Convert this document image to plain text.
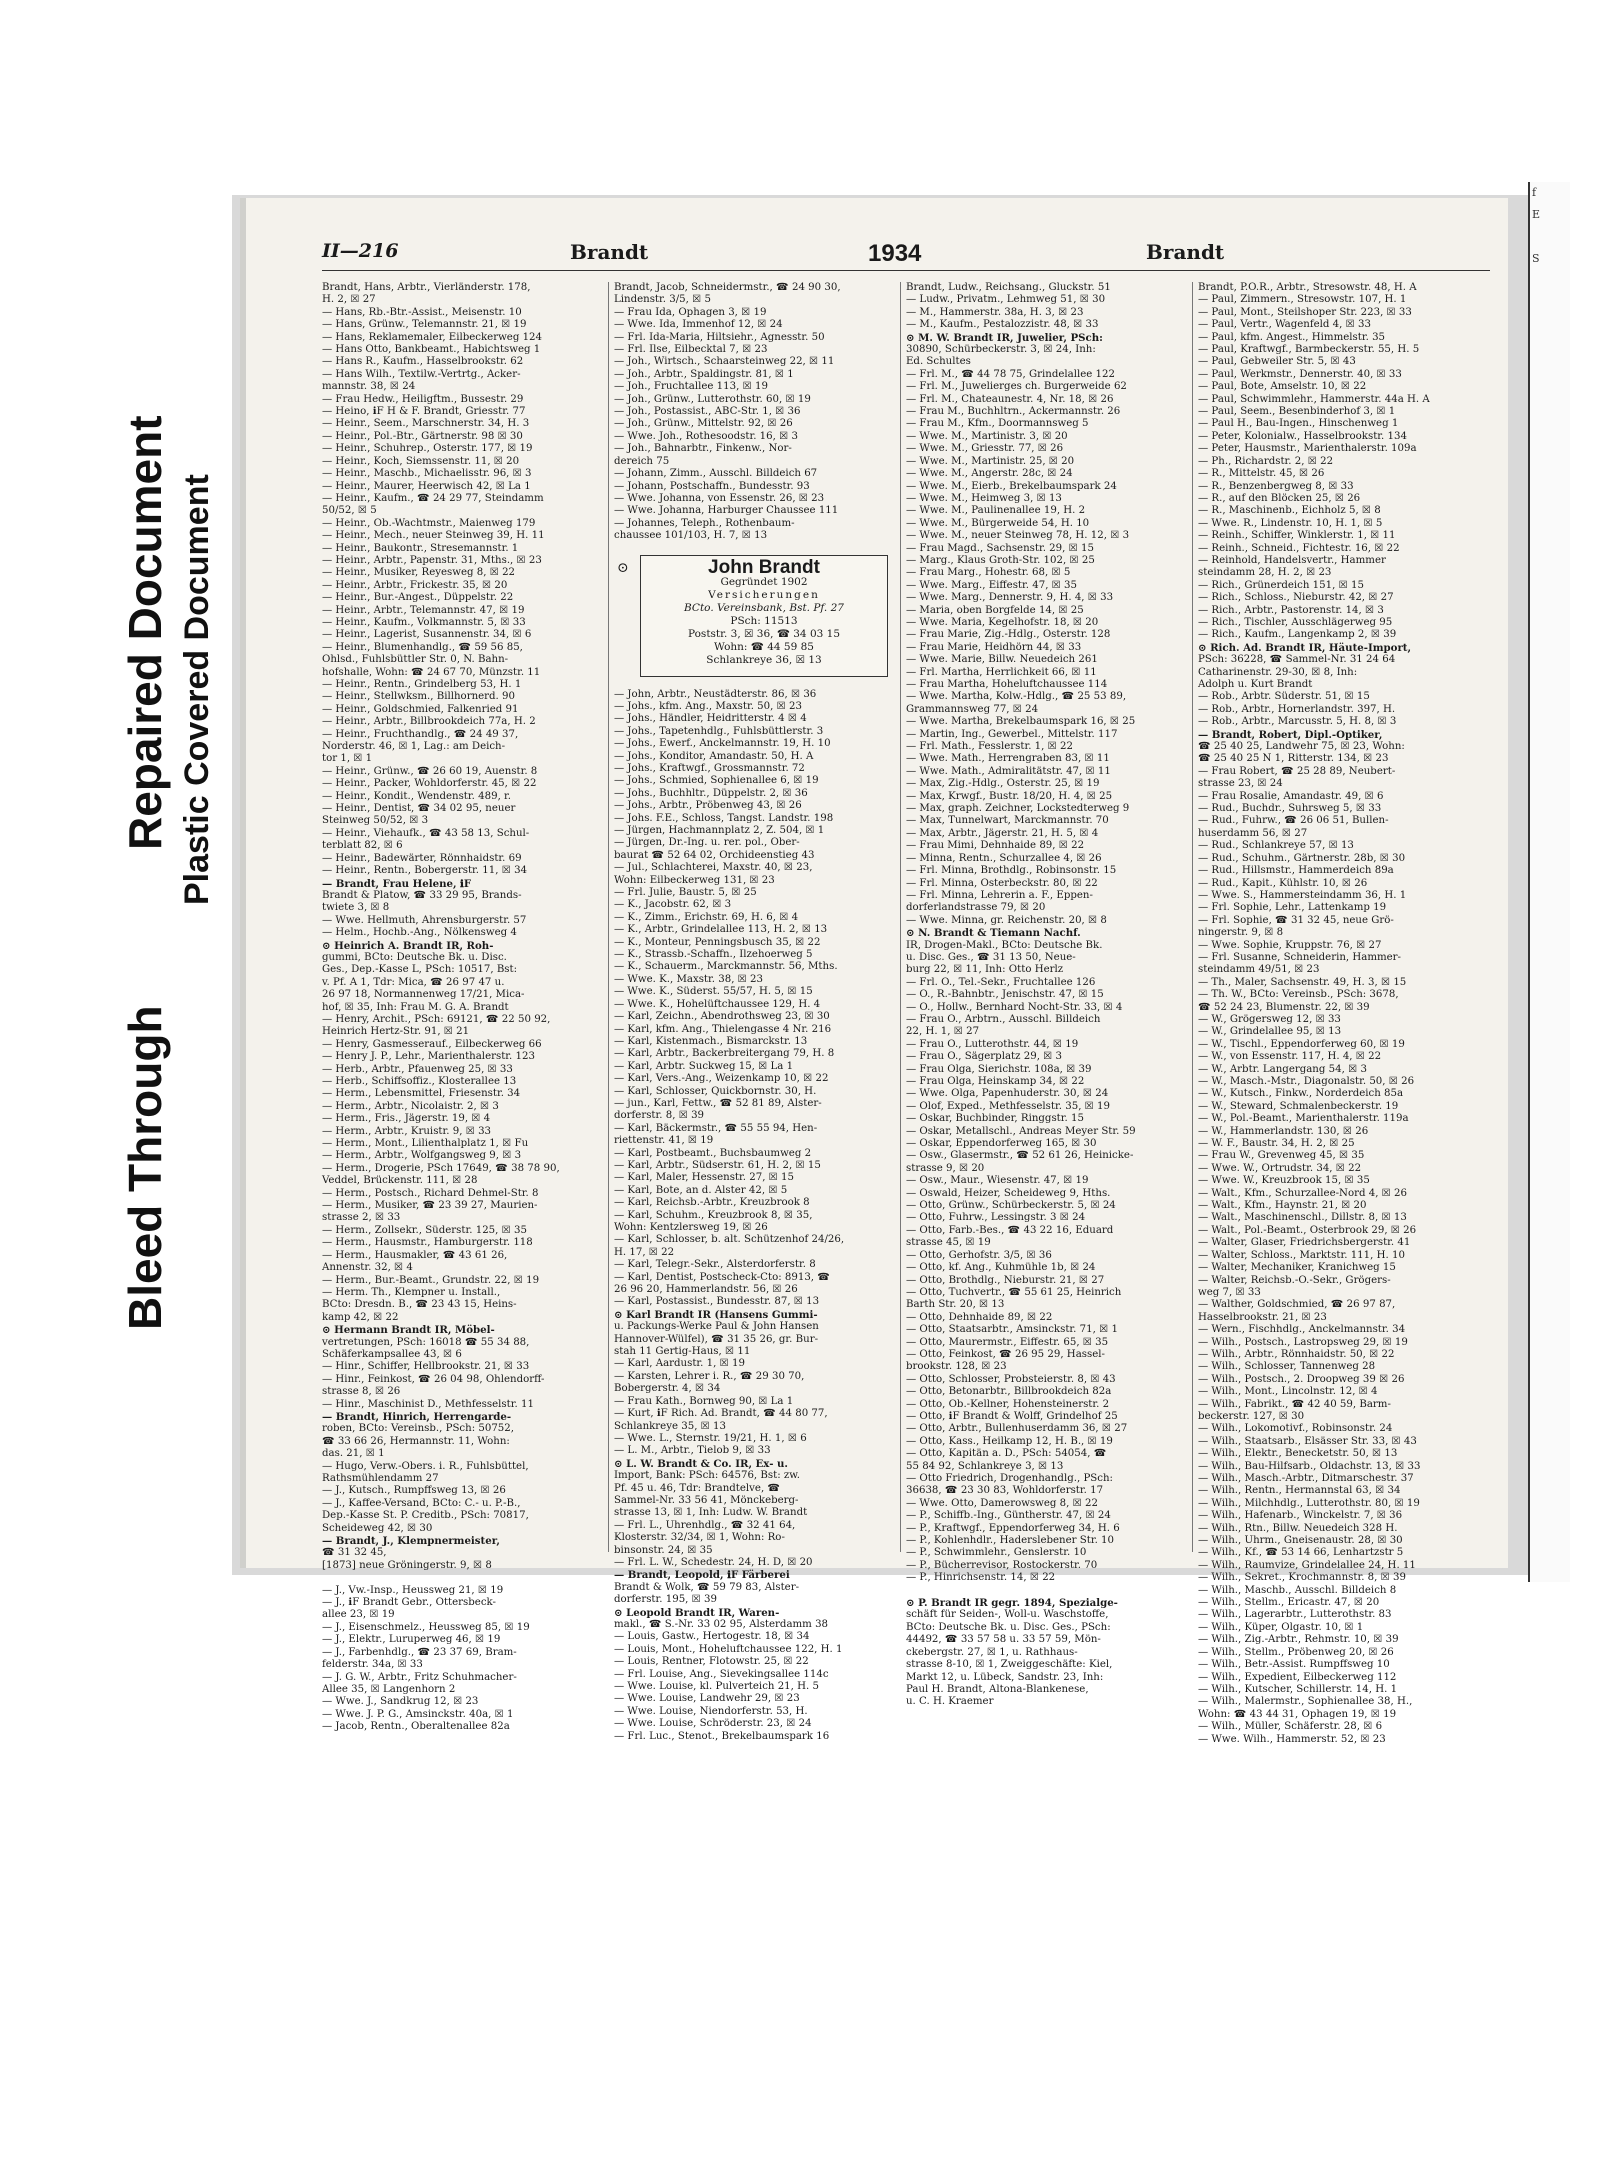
Bleed Through
Repaired Document Plastic Covered Document
f
E

S

II—216	Brandt	1934	Brandt
Brandt, Hans, Arbtr., Vierländerstr. 178,
H. 2, ☒ 27
— Hans, Rb.-Btr.-Assist., Meisenstr. 10
— Hans, Grünw., Telemannstr. 21, ☒ 19
— Hans, Reklamemaler, Eilbeckerweg 124
— Hans Otto, Bankbeamt., Habichtsweg 1
— Hans R., Kaufm., Hasselbrookstr. 62
— Hans Wilh., Textilw.-Vertrtg., Acker-
mannstr. 38, ☒ 24
— Frau Hedw., Heiligftm., Bussestr. 29
— Heino, ℹF H & F. Brandt, Griesstr. 77
— Heinr., Seem., Marschnerstr. 34, H. 3
— Heinr., Pol.-Btr., Gärtnerstr. 98 ☒ 30
— Heinr., Schuhrep., Osterstr. 177, ☒ 19
— Heinr., Koch, Siemssenstr. 11, ☒ 20
— Heinr., Maschb., Michaelisstr. 96, ☒ 3
— Heinr., Maurer, Heerwisch 42, ☒ La 1
— Heinr., Kaufm., ☎ 24 29 77, Steindamm
50/52, ☒ 5
— Heinr., Ob.-Wachtmstr., Maienweg 179
— Heinr., Mech., neuer Steinweg 39, H. 11
— Heinr., Baukontr., Stresemannstr. 1
— Heinr., Arbtr., Papenstr. 31, Mths., ☒ 23
— Heinr., Musiker, Reyesweg 8, ☒ 22
— Heinr., Arbtr., Frickestr. 35, ☒ 20
— Heinr., Bur.-Angest., Düppelstr. 22
— Heinr., Arbtr., Telemannstr. 47, ☒ 19
— Heinr., Kaufm., Volkmannstr. 5, ☒ 33
— Heinr., Lagerist, Susannenstr. 34, ☒ 6
— Heinr., Blumenhandlg., ☎ 59 56 85,
Ohlsd., Fuhlsbüttler Str. 0, N. Bahn-
hofshalle, Wohn: ☎ 24 67 70, Münzstr. 11
— Heinr., Rentn., Grindelberg 53, H. 1
— Heinr., Stellwksm., Billhornerd. 90
— Heinr., Goldschmied, Falkenried 91
— Heinr., Arbtr., Billbrookdeich 77a, H. 2
— Heinr., Fruchthandlg., ☎ 24 49 37,
Norderstr. 46, ☒ 1, Lag.: am Deich-
tor 1, ☒ 1
— Heinr., Grünw., ☎ 26 60 19, Auenstr. 8
— Heinr., Packer, Wohldorferstr. 45, ☒ 22
— Heinr., Kondit., Wendenstr. 489, r.
— Heinr., Dentist, ☎ 34 02 95, neuer
Steinweg 50/52, ☒ 3
— Heinr., Viehaufk., ☎ 43 58 13, Schul-
terblatt 82, ☒ 6
— Heinr., Badewärter, Rönnhaidstr. 69
— Heinr., Rentn., Bobergerstr. 11, ☒ 34
— Brandt, Frau Helene, ℹF
Brandt & Platow, ☎ 33 29 95, Brands-
twiete 3, ☒ 8
— Wwe. Hellmuth, Ahrensburgerstr. 57
— Helm., Hochb.-Ang., Nölkensweg 4
⊙ Heinrich A. Brandt IR, Roh-
gummi, BCto: Deutsche Bk. u. Disc.
Ges., Dep.-Kasse L, PSch: 10517, Bst:
v. Pf. A 1, Tdr: Mica, ☎ 26 97 47 u.
26 97 18, Normannenweg 17/21, Mica-
hof, ☒ 35, Inh: Frau M. G. A. Brandt
— Henry, Archit., PSch: 69121, ☎ 22 50 92,
Heinrich Hertz-Str. 91, ☒ 21
— Henry, Gasmesserauf., Eilbeckerweg 66
— Henry J. P., Lehr., Marienthalerstr. 123
— Herb., Arbtr., Pfauenweg 25, ☒ 33
— Herb., Schiffsoffiz., Klosterallee 13
— Herm., Lebensmittel, Friesenstr. 34
— Herm., Arbtr., Nicolaistr. 2, ☒ 3
— Herm., Fris., Jägerstr. 19, ☒ 4
— Herm., Arbtr., Kruistr. 9, ☒ 33
— Herm., Mont., Lilienthalplatz 1, ☒ Fu
— Herm., Arbtr., Wolfgangsweg 9, ☒ 3
— Herm., Drogerie, PSch 17649, ☎ 38 78 90,
Veddel, Brückenstr. 111, ☒ 28
— Herm., Postsch., Richard Dehmel-Str. 8
— Herm., Musiker, ☎ 23 39 27, Maurien-
strasse 2, ☒ 33
— Herm., Zollsekr., Süderstr. 125, ☒ 35
— Herm., Hausmstr., Hamburgerstr. 118
— Herm., Hausmakler, ☎ 43 61 26,
Annenstr. 32, ☒ 4
— Herm., Bur.-Beamt., Grundstr. 22, ☒ 19
— Herm. Th., Klempner u. Install.,
BCto: Dresdn. B., ☎ 23 43 15, Heins-
kamp 42, ☒ 22
⊙ Hermann Brandt IR, Möbel-
vertretungen, PSch: 16018 ☎ 55 34 88,
Schäferkampsallee 43, ☒ 6
— Hinr., Schiffer, Hellbrookstr. 21, ☒ 33
— Hinr., Feinkost, ☎ 26 04 98, Ohlendorff-
strasse 8, ☒ 26
— Hinr., Maschinist D., Methfesselstr. 11
— Brandt, Hinrich, Herrengarde-
roben, BCto: Vereinsb., PSch: 50752,
☎ 33 66 26, Hermannstr. 11, Wohn:
das. 21, ☒ 1
— Hugo, Verw.-Obers. i. R., Fuhlsbüttel,
Rathsmühlendamm 27
— J., Kutsch., Rumpffsweg 13, ☒ 26
— J., Kaffee-Versand, BCto: C.- u. P.-B.,
Dep.-Kasse St. P. Creditb., PSch: 70817,
Scheideweg 42, ☒ 30
— Brandt, J., Klempnermeister,
☎ 31 32 45,
[1873] neue Gröningerstr. 9, ☒ 8

— J., Vw.-Insp., Heussweg 21, ☒ 19
— J., ℹF Brandt Gebr., Ottersbeck-
allee 23, ☒ 19
— J., Eisenschmelz., Heussweg 85, ☒ 19
— J., Elektr., Luruperweg 46, ☒ 19
— J., Farbenhdlg., ☎ 23 37 69, Bram-
felderstr. 34a, ☒ 33
— J. G. W., Arbtr., Fritz Schuhmacher-
Allee 35, ☒ Langenhorn 2
— Wwe. J., Sandkrug 12, ☒ 23
— Wwe. J. P. G., Amsinckstr. 40a, ☒ 1
— Jacob, Rentn., Oberaltenallee 82a
Brandt, Jacob, Schneidermstr., ☎ 24 90 30,
Lindenstr. 3/5, ☒ 5
— Frau Ida, Ophagen 3, ☒ 19
— Wwe. Ida, Immenhof 12, ☒ 24
— Frl. Ida-Maria, Hiltsiehr., Agnesstr. 50
— Frl. Ilse, Eilbecktal 7, ☒ 23
— Joh., Wirtsch., Schaarsteinweg 22, ☒ 11
— Joh., Arbtr., Spaldingstr. 81, ☒ 1
— Joh., Fruchtallee 113, ☒ 19
— Joh., Grünw., Lutterothstr. 60, ☒ 19
— Joh., Postassist., ABC-Str. 1, ☒ 36
— Joh., Grünw., Mittelstr. 92, ☒ 26
— Wwe. Joh., Rothesoodstr. 16, ☒ 3
— Joh., Bahnarbtr., Finkenw., Nor-
dereich 75
— Johann, Zimm., Ausschl. Billdeich 67
— Johann, Postschaffn., Bundesstr. 93
— Wwe. Johanna, von Essenstr. 26, ☒ 23
— Wwe. Johanna, Harburger Chaussee 111
— Johannes, Teleph., Rothenbaum-
chaussee 101/103, H. 7, ☒ 13
⊙	John Brandt
Gegründet 1902
Versicherungen
BCto. Vereinsbank, Bst. Pf. 27
PSch: 11513
Poststr. 3, ☒ 36, ☎ 34 03 15
Wohn: ☎ 44 59 85
Schlankreye 36, ☒ 13
— John, Arbtr., Neustädterstr. 86, ☒ 36
— Johs., kfm. Ang., Maxstr. 50, ☒ 23
— Johs., Händler, Heidritterstr. 4 ☒ 4
— Johs., Tapetenhdlg., Fuhlsbüttlerstr. 3
— Johs., Ewerf., Anckelmannstr. 19, H. 10
— Johs., Konditor, Amandastr. 50, H. A
— Johs., Kraftwgf., Grossmannstr. 72
— Johs., Schmied, Sophienallee 6, ☒ 19
— Johs., Buchhltr., Düppelstr. 2, ☒ 36
— Johs., Arbtr., Pröbenweg 43, ☒ 26
— Johs. F.E., Schloss, Tangst. Landstr. 198
— Jürgen, Hachmannplatz 2, Z. 504, ☒ 1
— Jürgen, Dr.-Ing. u. rer. pol., Ober-
baurat ☎ 52 64 02, Orchideenstieg 43
— Jul., Schlachterei, Maxstr. 40, ☒ 23,
Wohn: Eilbeckerweg 131, ☒ 23
— Frl. Julie, Baustr. 5, ☒ 25
— K., Jacobstr. 62, ☒ 3
— K., Zimm., Erichstr. 69, H. 6, ☒ 4
— K., Arbtr., Grindelallee 113, H. 2, ☒ 13
— K., Monteur, Penningsbusch 35, ☒ 22
— K., Strassb.-Schaffn., Ilzehoerweg 5
— K., Schauerm., Marckmannstr. 56, Mths.
— Wwe. K., Maxstr. 38, ☒ 23
— Wwe. K., Süderst. 55/57, H. 5, ☒ 15
— Wwe. K., Hohelüftchaussee 129, H. 4
— Karl, Zeichn., Abendrothsweg 23, ☒ 30
— Karl, kfm. Ang., Thielengasse 4 Nr. 216
— Karl, Kistenmach., Bismarckstr. 13
— Karl, Arbtr., Backerbreitergang 79, H. 8
— Karl, Arbtr. Suckweg 15, ☒ La 1
— Karl, Vers.-Ang., Weizenkamp 10, ☒ 22
— Karl, Schlosser, Quickbornstr. 30, H.
— jun., Karl, Fettw., ☎ 52 81 89, Alster-
dorferstr. 8, ☒ 39
— Karl, Bäckermstr., ☎ 55 55 94, Hen-
riettenstr. 41, ☒ 19
— Karl, Postbeamt., Buchsbaumweg 2
— Karl, Arbtr., Südserstr. 61, H. 2, ☒ 15
— Karl, Maler, Hessenstr. 27, ☒ 15
— Karl, Bote, an d. Alster 42, ☒ 5
— Karl, Reichsb.-Arbtr., Kreuzbrook 8
— Karl, Schuhm., Kreuzbrook 8, ☒ 35,
Wohn: Kentzlersweg 19, ☒ 26
— Karl, Schlosser, b. alt. Schützenhof 24/26,
H. 17, ☒ 22
— Karl, Telegr.-Sekr., Alsterdorferstr. 8
— Karl, Dentist, Postscheck-Cto: 8913, ☎
26 96 20, Hammerlandstr. 56, ☒ 26
— Karl, Postassist., Bundesstr. 87, ☒ 13
⊙ Karl Brandt IR (Hansens Gummi-
u. Packungs-Werke Paul & John Hansen
Hannover-Wülfel), ☎ 31 35 26, gr. Bur-
stah 11 Gertig-Haus, ☒ 11
— Karl, Aardustr. 1, ☒ 19
— Karsten, Lehrer i. R., ☎ 29 30 70,
Bobergerstr. 4, ☒ 34
— Frau Kath., Bornweg 90, ☒ La 1
— Kurt, ℹF Rich. Ad. Brandt, ☎ 44 80 77,
Schlankreye 35, ☒ 13
— Wwe. L., Sternstr. 19/21, H. 1, ☒ 6
— L. M., Arbtr., Tielob 9, ☒ 33
⊙ L. W. Brandt & Co. IR, Ex- u.
Import, Bank: PSch: 64576, Bst: zw.
Pf. 45 u. 46, Tdr: Brandtelve, ☎
Sammel-Nr. 33 56 41, Mönckeberg-
strasse 13, ☒ 1, Inh: Ludw. W. Brandt
— Frl. L., Uhrenhdlg., ☎ 32 41 64,
Klosterstr. 32/34, ☒ 1, Wohn: Ro-
binsonstr. 24, ☒ 35
— Frl. L. W., Schedestr. 24, H. D, ☒ 20
— Brandt, Leopold, ℹF Färberei
Brandt & Wolk, ☎ 59 79 83, Alster-
dorferstr. 195, ☒ 39
⊙ Leopold Brandt IR, Waren-
makl., ☎ S.-Nr. 33 02 95, Alsterdamm 38
— Louis, Gastw., Hertogestr. 18, ☒ 34
— Louis, Mont., Hoheluftchaussee 122, H. 1
— Louis, Rentner, Flotowstr. 25, ☒ 22
— Frl. Louise, Ang., Sievekingsallee 114c
— Wwe. Louise, kl. Pulverteich 21, H. 5
— Wwe. Louise, Landwehr 29, ☒ 23
— Wwe. Louise, Niendorferstr. 53, H.
— Wwe. Louise, Schröderstr. 23, ☒ 24
— Frl. Luc., Stenot., Brekelbaumspark 16
Brandt, Ludw., Reichsang., Gluckstr. 51
— Ludw., Privatm., Lehmweg 51, ☒ 30
— M., Hammerstr. 38a, H. 3, ☒ 23
— M., Kaufm., Pestalozzistr. 48, ☒ 33
⊙ M. W. Brandt IR, Juwelier, PSch:
30890, Schürbeckerstr. 3, ☒ 24, Inh:
Ed. Schultes
— Frl. M., ☎ 44 78 75, Grindelallee 122
— Frl. M., Juwelierges ch. Burgerweide 62
— Frl. M., Chateaunestr. 4, Nr. 18, ☒ 26
— Frau M., Buchhltrn., Ackermannstr. 26
— Frau M., Kfm., Doormannsweg 5
— Wwe. M., Martinistr. 3, ☒ 20
— Wwe. M., Griesstr. 77, ☒ 26
— Wwe. M., Martinistr. 25, ☒ 20
— Wwe. M., Angerstr. 28c, ☒ 24
— Wwe. M., Eierb., Brekelbaumspark 24
— Wwe. M., Heimweg 3, ☒ 13
— Wwe. M., Paulinenallee 19, H. 2
— Wwe. M., Bürgerweide 54, H. 10
— Wwe. M., neuer Steinweg 78, H. 12, ☒ 3
— Frau Magd., Sachsenstr. 29, ☒ 15
— Marg., Klaus Groth-Str. 102, ☒ 25
— Frau Marg., Hohestr. 68, ☒ 5
— Wwe. Marg., Eiffestr. 47, ☒ 35
— Wwe. Marg., Dennerstr. 9, H. 4, ☒ 33
— Maria, oben Borgfelde 14, ☒ 25
— Wwe. Maria, Kegelhofstr. 18, ☒ 20
— Frau Marie, Zig.-Hdlg., Osterstr. 128
— Frau Marie, Heidhörn 44, ☒ 33
— Wwe. Marie, Billw. Neuedeich 261
— Frl. Martha, Herrlichkeit 66, ☒ 11
— Frau Martha, Hoheluftchaussee 114
— Wwe. Martha, Kolw.-Hdlg., ☎ 25 53 89,
Grammannsweg 77, ☒ 24
— Wwe. Martha, Brekelbaumspark 16, ☒ 25
— Martin, Ing., Gewerbel., Mittelstr. 117
— Frl. Math., Fesslerstr. 1, ☒ 22
— Wwe. Math., Herrengraben 83, ☒ 11
— Wwe. Math., Admiralitätstr. 47, ☒ 11
— Max, Zig.-Hdlg., Osterstr. 25, ☒ 19
— Max, Krwgf., Bustr. 18/20, H. 4, ☒ 25
— Max, graph. Zeichner, Lockstedterweg 9
— Max, Tunnelwart, Marckmannstr. 70
— Max, Arbtr., Jägerstr. 21, H. 5, ☒ 4
— Frau Mimi, Dehnhaide 89, ☒ 22
— Minna, Rentn., Schurzallee 4, ☒ 26
— Frl. Minna, Brothdlg., Robinsonstr. 15
— Frl. Minna, Osterbeckstr. 80, ☒ 22
— Frl. Minna, Lehrerin a. F., Eppen-
dorferlandstrasse 79, ☒ 20
— Wwe. Minna, gr. Reichenstr. 20, ☒ 8
⊙ N. Brandt & Tiemann Nachf.
IR, Drogen-Makl., BCto: Deutsche Bk.
u. Disc. Ges., ☎ 31 13 50, Neue-
burg 22, ☒ 11, Inh: Otto Herlz
— Frl. O., Tel.-Sekr., Fruchtallee 126
— O., R.-Bahnbtr., Jenischstr. 47, ☒ 15
— O., Hollw., Bernhard Nocht-Str. 33, ☒ 4
— Frau O., Arbtrn., Ausschl. Billdeich
22, H. 1, ☒ 27
— Frau O., Lutterothstr. 44, ☒ 19
— Frau O., Sägerplatz 29, ☒ 3
— Frau Olga, Sierichstr. 108a, ☒ 39
— Frau Olga, Heinskamp 34, ☒ 22
— Wwe. Olga, Papenhuderstr. 30, ☒ 24
— Olof, Exped., Methfesselstr. 35, ☒ 19
— Oskar, Buchbinder, Ringgstr. 15
— Oskar, Metallschl., Andreas Meyer Str. 59
— Oskar, Eppendorferweg 165, ☒ 30
— Osw., Glasermstr., ☎ 52 61 26, Heinicke-
strasse 9, ☒ 20
— Osw., Maur., Wiesenstr. 47, ☒ 19
— Oswald, Heizer, Scheideweg 9, Hths.
— Otto, Grünw., Schürbeckerstr. 5, ☒ 24
— Otto, Fuhrw., Lessingstr. 3 ☒ 24
— Otto, Farb.-Bes., ☎ 43 22 16, Eduard
strasse 45, ☒ 19
— Otto, Gerhofstr. 3/5, ☒ 36
— Otto, kf. Ang., Kuhmühle 1b, ☒ 24
— Otto, Brothdlg., Nieburstr. 21, ☒ 27
— Otto, Tuchvertr., ☎ 55 61 25, Heinrich
Barth Str. 20, ☒ 13
— Otto, Dehnhaide 89, ☒ 22
— Otto, Staatsarbtr., Amsinckstr. 71, ☒ 1
— Otto, Maurermstr., Eiffestr. 65, ☒ 35
— Otto, Feinkost, ☎ 26 95 29, Hassel-
brookstr. 128, ☒ 23
— Otto, Schlosser, Probsteierstr. 8, ☒ 43
— Otto, Betonarbtr., Billbrookdeich 82a
— Otto, Ob.-Kellner, Hohensteinerstr. 2
— Otto, ℹF Brandt & Wolff, Grindelhof 25
— Otto, Arbtr., Bullenhuserdamm 36, ☒ 27
— Otto, Kass., Heilkamp 12, H. B., ☒ 19
— Otto, Kapitän a. D., PSch: 54054, ☎
55 84 92, Schlankreye 3, ☒ 13
— Otto Friedrich, Drogenhandlg., PSch:
36638, ☎ 23 30 83, Wohldorferstr. 17
— Wwe. Otto, Damerowsweg 8, ☒ 22
— P., Schiffb.-Ing., Güntherstr. 47, ☒ 24
— P., Kraftwgf., Eppendorferweg 34, H. 6
— P., Kohlenhdlr., Haderslebener Str. 10
— P., Schwimmlehr., Genslerstr. 10
— P., Bücherrevisor, Rostockerstr. 70
— P., Hinrichsenstr. 14, ☒ 22

⊙ P. Brandt IR gegr. 1894, Spezialge-
schäft für Seiden-, Woll-u. Waschstoffe,
BCto: Deutsche Bk. u. Disc. Ges., PSch:
44492, ☎ 33 57 58 u. 33 57 59, Mön-
ckebergstr. 27, ☒ 1, u. Rathhaus-
strasse 8-10, ☒ 1, Zweiggeschäfte: Kiel,
Markt 12, u. Lübeck, Sandstr. 23, Inh:
Paul H. Brandt, Altona-Blankenese,
u. C. H. Kraemer
Brandt, P.O.R., Arbtr., Stresowstr. 48, H. A
— Paul, Zimmern., Stresowstr. 107, H. 1
— Paul, Mont., Steilshoper Str. 223, ☒ 33
— Paul, Vertr., Wagenfeld 4, ☒ 33
— Paul, kfm. Angest., Himmelstr. 35
— Paul, Kraftwgf., Barmbeckerstr. 55, H. 5
— Paul, Gebweiler Str. 5, ☒ 43
— Paul, Werkmstr., Dennerstr. 40, ☒ 33
— Paul, Bote, Amselstr. 10, ☒ 22
— Paul, Schwimmlehr., Hammerstr. 44a H. A
— Paul, Seem., Besenbinderhof 3, ☒ 1
— Paul H., Bau-Ingen., Hinschenweg 1
— Peter, Kolonialw., Hasselbrookstr. 134
— Peter, Hausmstr., Marienthalerstr. 109a
— Ph., Richardstr. 2, ☒ 22
— R., Mittelstr. 45, ☒ 26
— R., Benzenbergweg 8, ☒ 33
— R., auf den Blöcken 25, ☒ 26
— R., Maschinenb., Eichholz 5, ☒ 8
— Wwe. R., Lindenstr. 10, H. 1, ☒ 5
— Reinh., Schiffer, Winklerstr. 1, ☒ 11
— Reinh., Schneid., Fichtestr. 16, ☒ 22
— Reinhold, Handelsvertr., Hammer
steindamm 28, H. 2, ☒ 23
— Rich., Grünerdeich 151, ☒ 15
— Rich., Schloss., Nieburstr. 42, ☒ 27
— Rich., Arbtr., Pastorenstr. 14, ☒ 3
— Rich., Tischler, Ausschlägerweg 95
— Rich., Kaufm., Langenkamp 2, ☒ 39
⊙ Rich. Ad. Brandt IR, Häute-Import,
PSch: 36228, ☎ Sammel-Nr. 31 24 64
Catharinenstr. 29-30, ☒ 8, Inh:
Adolph u. Kurt Brandt
— Rob., Arbtr. Süderstr. 51, ☒ 15
— Rob., Arbtr., Hornerlandstr. 397, H.
— Rob., Arbtr., Marcusstr. 5, H. 8, ☒ 3
— Brandt, Robert, Dipl.-Optiker,
☎ 25 40 25, Landwehr 75, ☒ 23, Wohn:
☎ 25 40 25 N 1, Ritterstr. 134, ☒ 23
— Frau Robert, ☎ 25 28 89, Neubert-
strasse 23, ☒ 24
— Frau Rosalie, Amandastr. 49, ☒ 6
— Rud., Buchdr., Suhrsweg 5, ☒ 33
— Rud., Fuhrw., ☎ 26 06 51, Bullen-
huserdamm 56, ☒ 27
— Rud., Schlankreye 57, ☒ 13
— Rud., Schuhm., Gärtnerstr. 28b, ☒ 30
— Rud., Hillsmstr., Hammerdeich 89a
— Rud., Kapit., Kühlstr. 10, ☒ 26
— Wwe. S., Hammersteindamm 36, H. 1
— Frl. Sophie, Lehr., Lattenkamp 19
— Frl. Sophie, ☎ 31 32 45, neue Grö-
ningerstr. 9, ☒ 8
— Wwe. Sophie, Kruppstr. 76, ☒ 27
— Frl. Susanne, Schneiderin, Hammer-
steindamm 49/51, ☒ 23
— Th., Maler, Sachsenstr. 49, H. 3, ☒ 15
— Th. W., BCto: Vereinsb., PSch: 3678,
☎ 52 24 23, Blumenstr. 22, ☒ 39
— W., Grögersweg 12, ☒ 33
— W., Grindelallee 95, ☒ 13
— W., Tischl., Eppendorferweg 60, ☒ 19
— W., von Essenstr. 117, H. 4, ☒ 22
— W., Arbtr. Langergang 54, ☒ 3
— W., Masch.-Mstr., Diagonalstr. 50, ☒ 26
— W., Kutsch., Finkw., Norderdeich 85a
— W., Steward, Schmalenbeckerstr. 19
— W., Pol.-Beamt., Marienthalerstr. 119a
— W., Hammerlandstr. 130, ☒ 26
— W. F., Baustr. 34, H. 2, ☒ 25
— Frau W., Grevenweg 45, ☒ 35
— Wwe. W., Ortrudstr. 34, ☒ 22
— Wwe. W., Kreuzbrook 15, ☒ 35
— Walt., Kfm., Schurzallee-Nord 4, ☒ 26
— Walt., Kfm., Haynstr. 21, ☒ 20
— Walt., Maschinenschl., Dillstr. 8, ☒ 13
— Walt., Pol.-Beamt., Osterbrook 29, ☒ 26
— Walter, Glaser, Friedrichsbergerstr. 41
— Walter, Schloss., Marktstr. 111, H. 10
— Walter, Mechaniker, Kranichweg 15
— Walter, Reichsb.-O.-Sekr., Grögers-
weg 7, ☒ 33
— Walther, Goldschmied, ☎ 26 97 87,
Hasselbrookstr. 21, ☒ 23
— Wern., Fischhdlg., Anckelmannstr. 34
— Wilh., Postsch., Lastropsweg 29, ☒ 19
— Wilh., Arbtr., Rönnhaidstr. 50, ☒ 22
— Wilh., Schlosser, Tannenweg 28
— Wilh., Postsch., 2. Droopweg 39 ☒ 26
— Wilh., Mont., Lincolnstr. 12, ☒ 4
— Wilh., Fabrikt., ☎ 42 40 59, Barm-
beckerstr. 127, ☒ 30
— Wilh., Lokomotivf., Robinsonstr. 24
— Wilh., Staatsarb., Elsässer Str. 33, ☒ 43
— Wilh., Elektr., Benecketstr. 50, ☒ 13
— Wilh., Bau-Hilfsarb., Oldachstr. 13, ☒ 33
— Wilh., Masch.-Arbtr., Ditmarschestr. 37
— Wilh., Rentn., Hermannstal 63, ☒ 34
— Wilh., Milchhdlg., Lutterothstr. 80, ☒ 19
— Wilh., Hafenarb., Winckelstr. 7, ☒ 36
— Wilh., Rtn., Billw. Neuedeich 328 H.
— Wilh., Uhrm., Gneisenaustr. 28, ☒ 30
— Wilh., Kf., ☎ 53 14 66, Lenhartzstr 5
— Wilh., Raumvize, Grindelallee 24, H. 11
— Wilh., Sekret., Krochmannstr. 8, ☒ 39
— Wilh., Maschb., Ausschl. Billdeich 8
— Wilh., Stellm., Ericastr. 47, ☒ 20
— Wilh., Lagerarbtr., Lutterothstr. 83
— Wilh., Küper, Olgastr. 10, ☒ 1
— Wilh., Zig.-Arbtr., Rehmstr. 10, ☒ 39
— Wilh., Stellm., Pröbenweg 20, ☒ 26
— Wilh., Betr.-Assist. Rumpffsweg 10
— Wilh., Expedient, Eilbeckerweg 112
— Wilh., Kutscher, Schillerstr. 14, H. 1
— Wilh., Malermstr., Sophienallee 38, H.,
Wohn: ☎ 43 44 31, Ophagen 19, ☒ 19
— Wilh., Müller, Schäferstr. 28, ☒ 6
— Wwe. Wilh., Hammerstr. 52, ☒ 23
